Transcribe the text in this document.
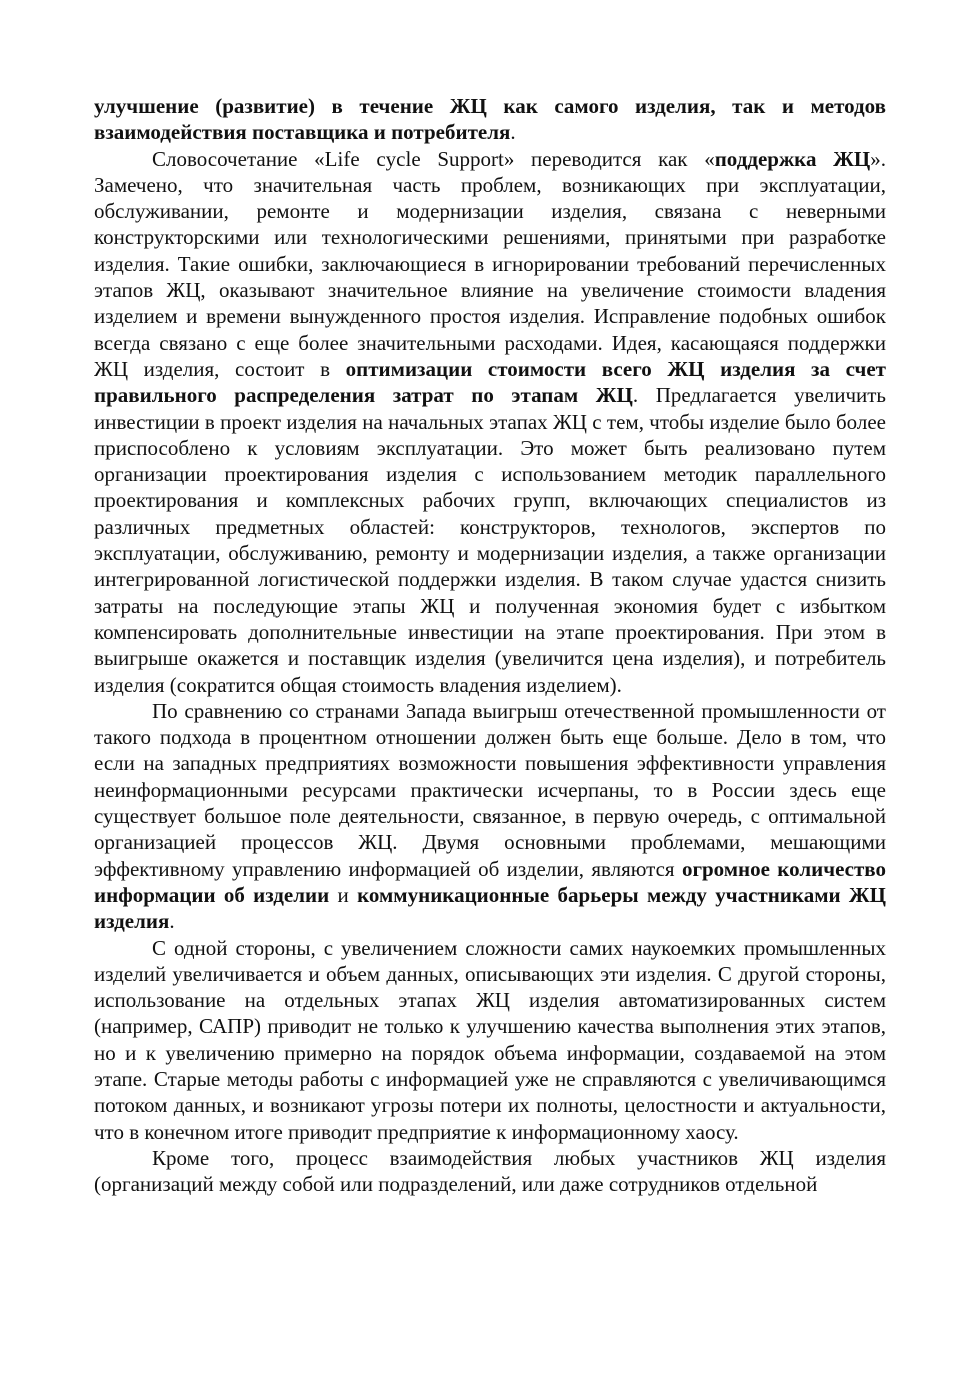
улучшение (развитие) в течение ЖЦ как самого изделия, так и методов взаимодействия поставщика и потребителя.

Словосочетание «Life cycle Support» переводится как «поддержка ЖЦ». Замечено, что значительная часть проблем, возникающих при эксплуатации, обслуживании, ремонте и модернизации изделия, связана с неверными конструкторскими или технологическими решениями, принятыми при разработке изделия. Такие ошибки, заключающиеся в игнорировании требований перечисленных этапов ЖЦ, оказывают значительное влияние на увеличение стоимости владения изделием и времени вынужденного простоя изделия. Исправление подобных ошибок всегда связано с еще более значительными расходами. Идея, касающаяся поддержки ЖЦ изделия, состоит в оптимизации стоимости всего ЖЦ изделия за счет правильного распределения затрат по этапам ЖЦ. Предлагается увеличить инвестиции в проект изделия на начальных этапах ЖЦ с тем, чтобы изделие было более приспособлено к условиям эксплуатации. Это может быть реализовано путем организации проектирования изделия с использованием методик параллельного проектирования и комплексных рабочих групп, включающих специалистов из различных предметных областей: конструкторов, технологов, экспертов по эксплуатации, обслуживанию, ремонту и модернизации изделия, а также организации интегрированной логистической поддержки изделия. В таком случае удастся снизить затраты на последующие этапы ЖЦ и полученная экономия будет с избытком компенсировать дополнительные инвестиции на этапе проектирования. При этом в выигрыше окажется и поставщик изделия (увеличится цена изделия), и потребитель изделия (сократится общая стоимость владения изделием).

По сравнению со странами Запада выигрыш отечественной промышленности от такого подхода в процентном отношении должен быть еще больше. Дело в том, что если на западных предприятиях возможности повышения эффективности управления неинформационными ресурсами практически исчерпаны, то в России здесь еще существует большое поле деятельности, связанное, в первую очередь, с оптимальной организацией процессов ЖЦ. Двумя основными проблемами, мешающими эффективному управлению информацией об изделии, являются огромное количество информации об изделии и коммуникационные барьеры между участниками ЖЦ изделия.

С одной стороны, с увеличением сложности самих наукоемких промышленных изделий увеличивается и объем данных, описывающих эти изделия. С другой стороны, использование на отдельных этапах ЖЦ изделия автоматизированных систем (например, САПР) приводит не только к улучшению качества выполнения этих этапов, но и к увеличению примерно на порядок объема информации, создаваемой на этом этапе. Старые методы работы с информацией уже не справляются с увеличивающимся потоком данных, и возникают угрозы потери их полноты, целостности и актуальности, что в конечном итоге приводит предприятие к информационному хаосу.

Кроме того, процесс взаимодействия любых участников ЖЦ изделия (организаций между собой или подразделений, или даже сотрудников отдельной
